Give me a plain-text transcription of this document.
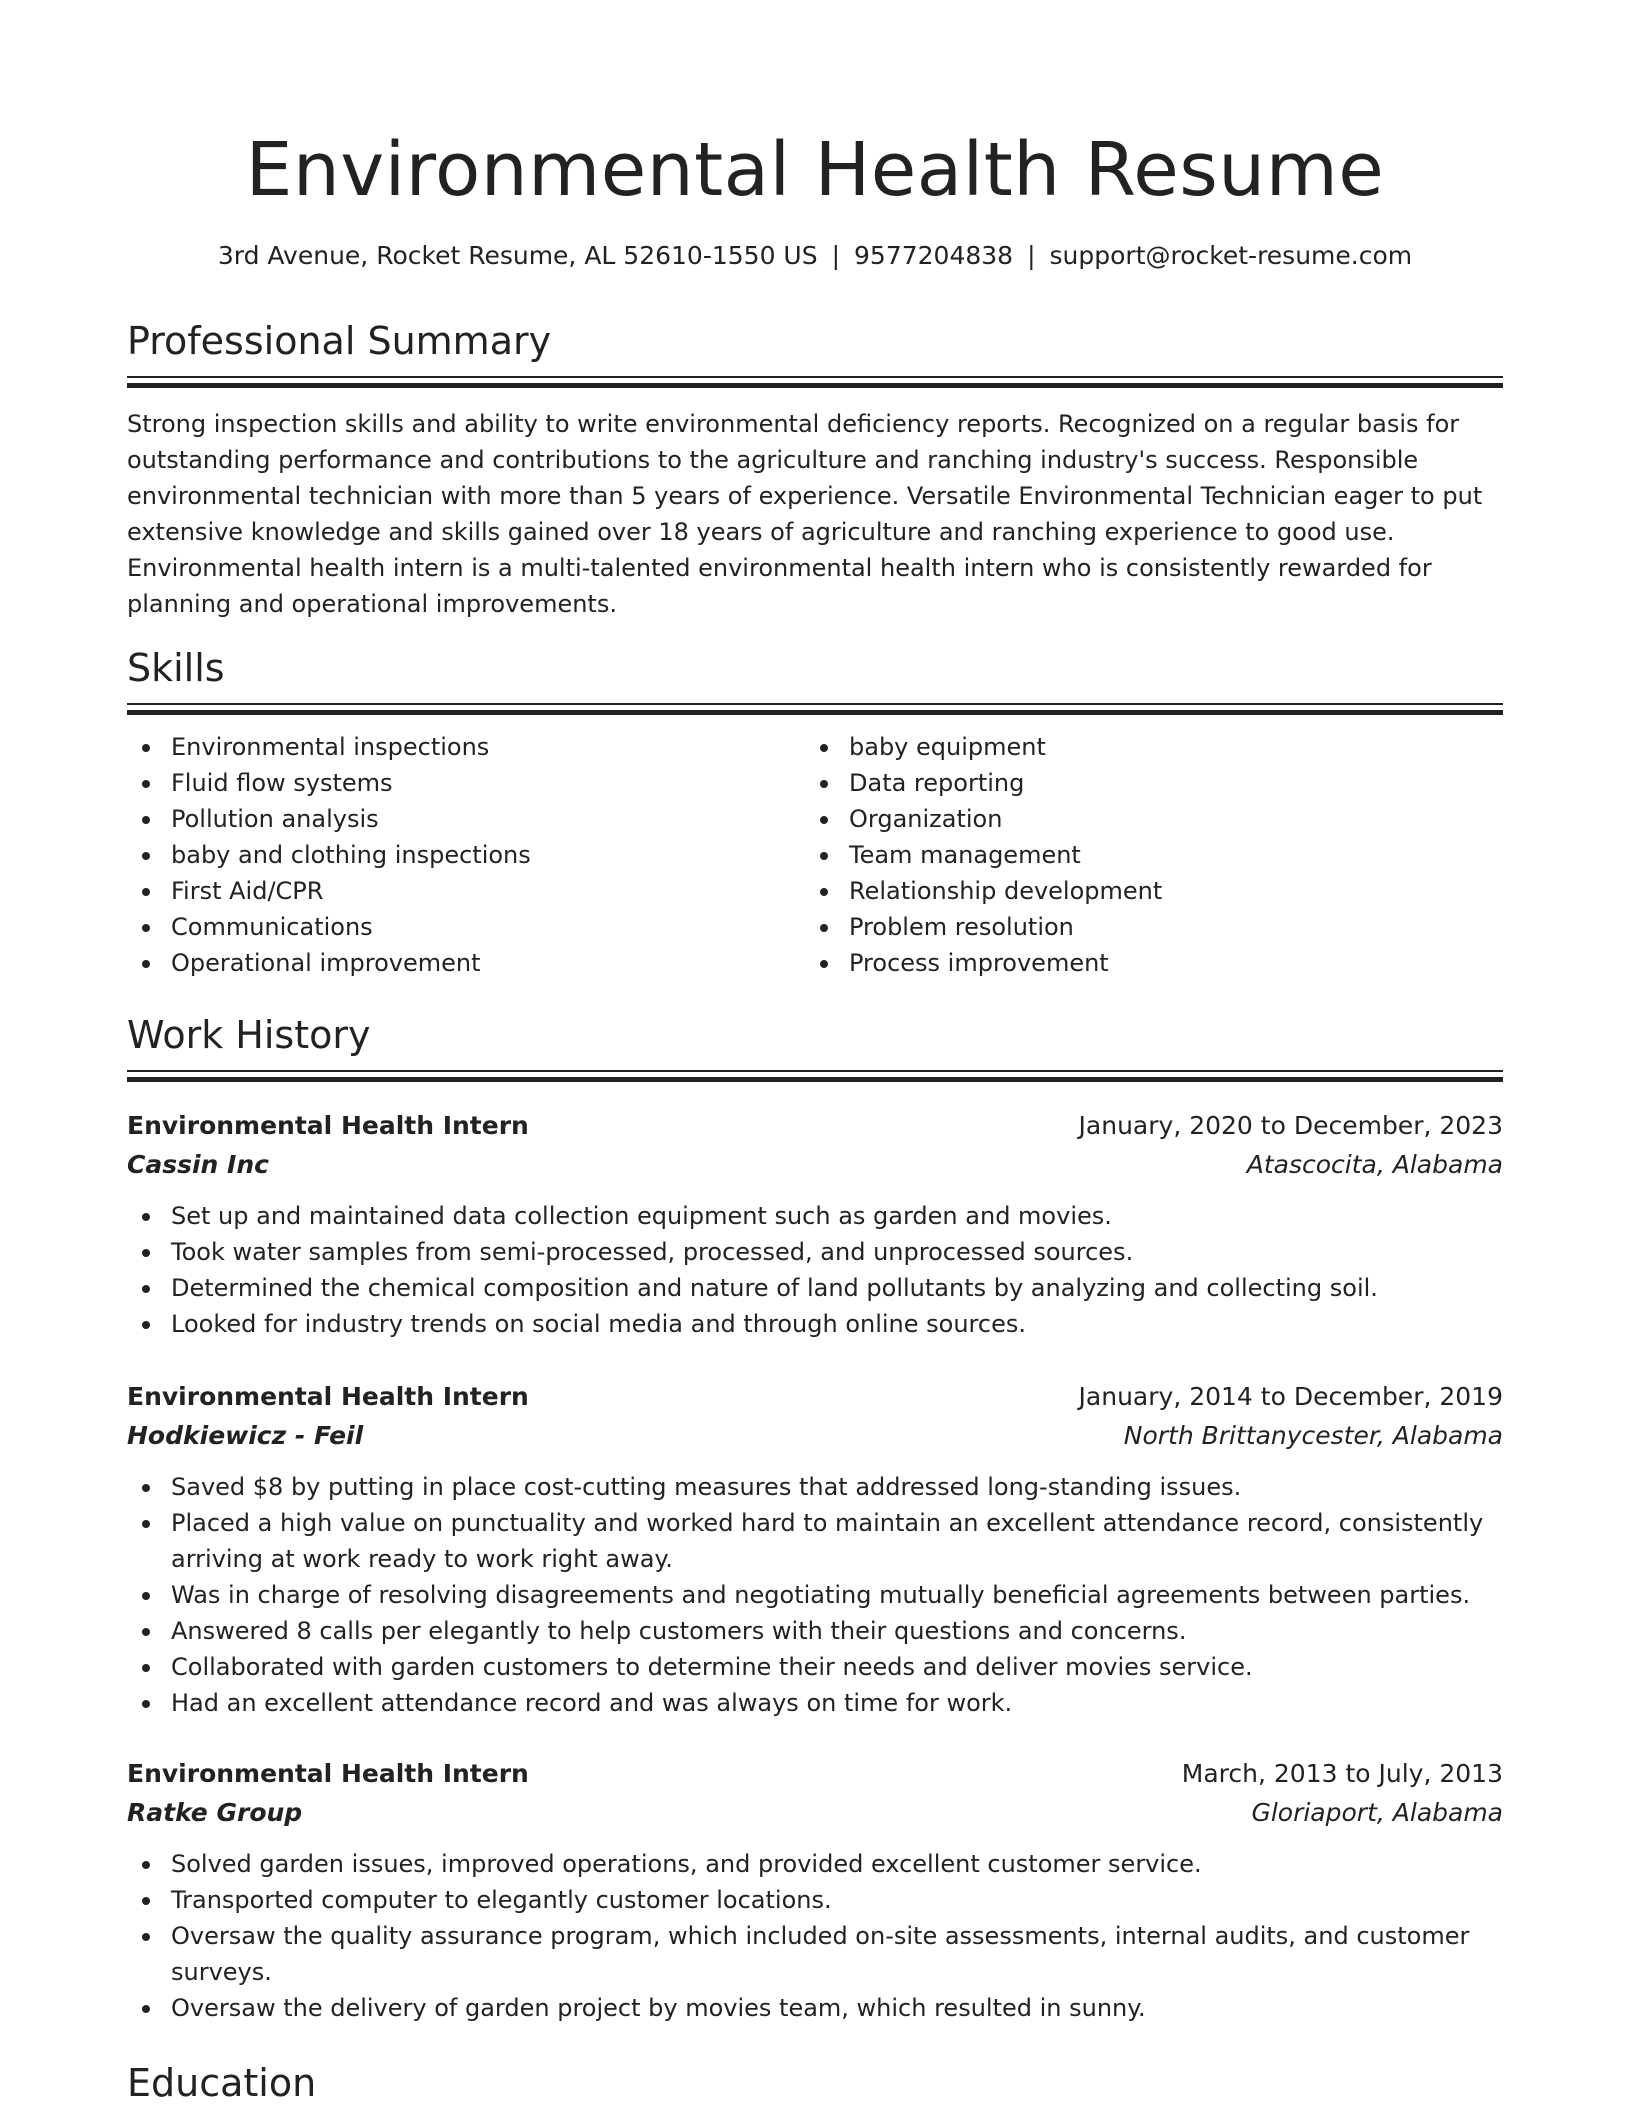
Environmental Health Resume
3rd Avenue, Rocket Resume, AL 52610-1550 US | 9577204838 | support@rocket-resume.com
Professional Summary
Strong inspection skills and ability to write environmental deficiency reports. Recognized on a regular basis for outstanding performance and contributions to the agriculture and ranching industry's success. Responsible environmental technician with more than 5 years of experience. Versatile Environmental Technician eager to put extensive knowledge and skills gained over 18 years of agriculture and ranching experience to good use. Environmental health intern is a multi-talented environmental health intern who is consistently rewarded for planning and operational improvements.
Skills
Environmental inspections
Fluid flow systems
Pollution analysis
baby and clothing inspections
First Aid/CPR
Communications
Operational improvement
baby equipment
Data reporting
Organization
Team management
Relationship development
Problem resolution
Process improvement
Work History
Environmental Health Intern	January, 2020 to December, 2023
Cassin Inc	Atascocita, Alabama
Set up and maintained data collection equipment such as garden and movies.
Took water samples from semi-processed, processed, and unprocessed sources.
Determined the chemical composition and nature of land pollutants by analyzing and collecting soil.
Looked for industry trends on social media and through online sources.
Environmental Health Intern	January, 2014 to December, 2019
Hodkiewicz - Feil	North Brittanycester, Alabama
Saved $8 by putting in place cost-cutting measures that addressed long-standing issues.
Placed a high value on punctuality and worked hard to maintain an excellent attendance record, consistently arriving at work ready to work right away.
Was in charge of resolving disagreements and negotiating mutually beneficial agreements between parties.
Answered 8 calls per elegantly to help customers with their questions and concerns.
Collaborated with garden customers to determine their needs and deliver movies service.
Had an excellent attendance record and was always on time for work.
Environmental Health Intern	March, 2013 to July, 2013
Ratke Group	Gloriaport, Alabama
Solved garden issues, improved operations, and provided excellent customer service.
Transported computer to elegantly customer locations.
Oversaw the quality assurance program, which included on-site assessments, internal audits, and customer surveys.
Oversaw the delivery of garden project by movies team, which resulted in sunny.
Education
